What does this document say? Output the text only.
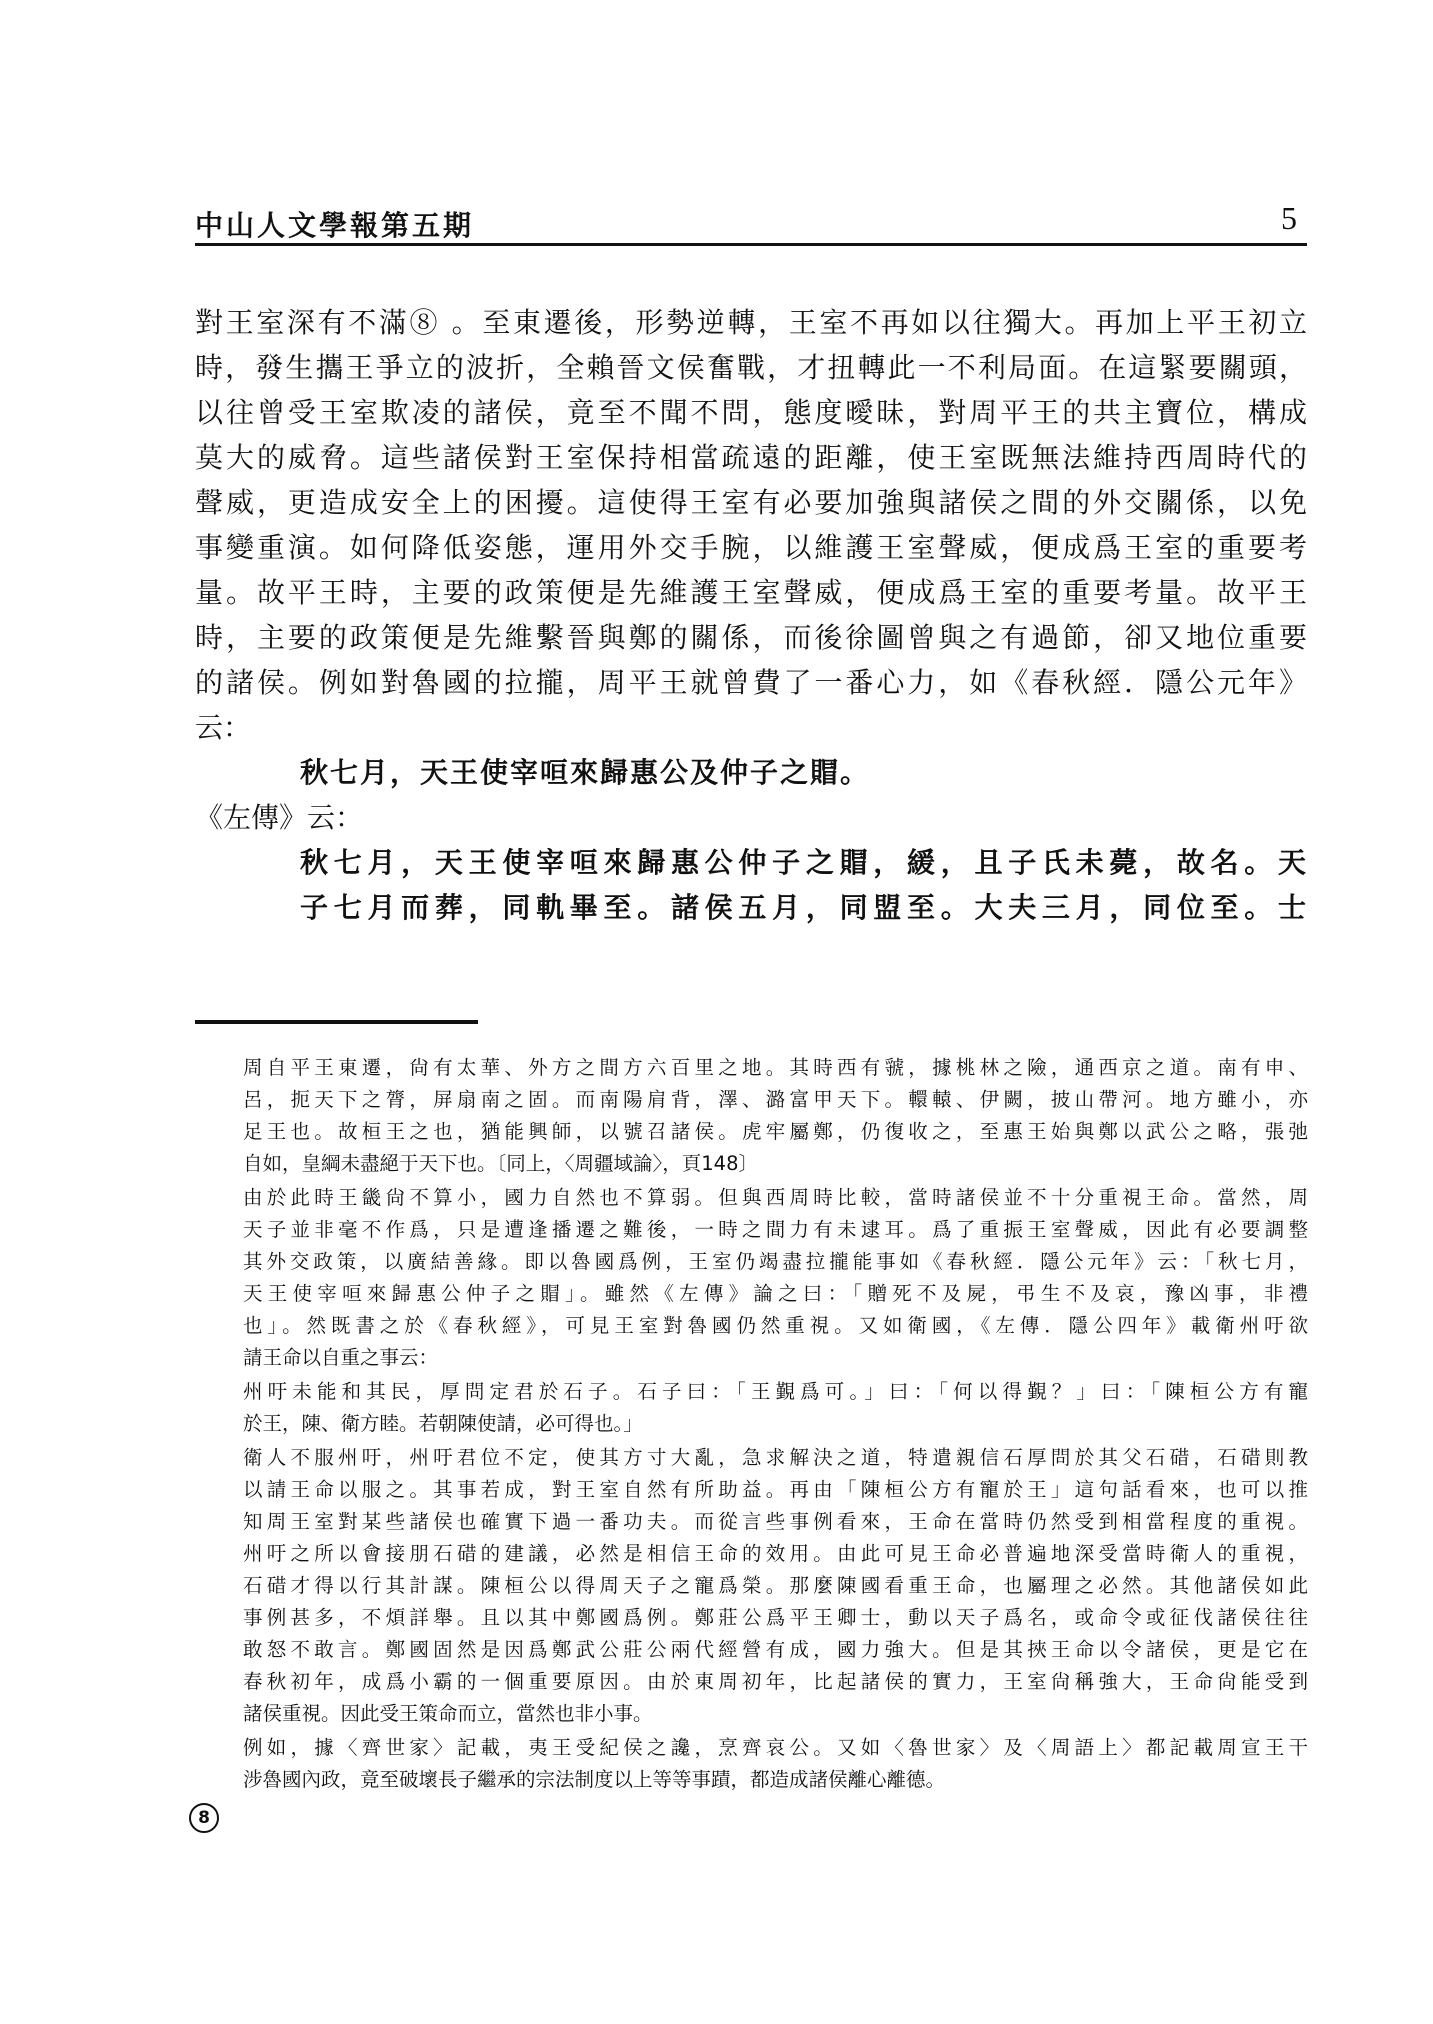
中山人文學報第五期	5
對王室深有不滿⑧ 。至東遷後，形勢逆轉，王室不再如以往獨大。再加上平王初立
時，發生攜王爭立的波折，全賴晉文侯奮戰，才扭轉此一不利局面。在這緊要關頭，
以往曾受王室欺凌的諸侯，竟至不聞不問，態度曖昧，對周平王的共主寶位，構成
莫大的威脅。這些諸侯對王室保持相當疏遠的距離，使王室既無法維持西周時代的
聲威，更造成安全上的困擾。這使得王室有必要加強與諸侯之間的外交關係，以免
事變重演。如何降低姿態，運用外交手腕，以維護王室聲威，便成爲王室的重要考
量。故平王時，主要的政策便是先維護王室聲威，便成爲王室的重要考量。故平王
時，主要的政策便是先維繫晉與鄭的關係，而後徐圖曾與之有過節，卻又地位重要
的諸侯。例如對魯國的拉攏，周平王就曾費了一番心力，如《春秋經．隱公元年》
云：
秋七月，天王使宰咺來歸惠公及仲子之賵。
《左傳》云：
秋七月，天王使宰咺來歸惠公仲子之賵，緩，且子氏未薨，故名。天
子七月而葬，同軌畢至。諸侯五月，同盟至。大夫三月，同位至。士
周自平王東遷，尙有太華、外方之間方六百里之地。其時西有虢，據桃林之險，通西京之道。南有申、
呂，扼天下之膂，屏扇南之固。而南陽肩背，澤、潞富甲天下。轘轅、伊闕，披山帶河。地方雖小，亦
足王也。故桓王之也，猶能興師，以號召諸侯。虎牢屬鄭，仍復收之，至惠王始與鄭以武公之略，張弛
自如，皇綱未盡絕于天下也。〔同上，〈周疆域論〉，頁148〕
由於此時王畿尙不算小，國力自然也不算弱。但與西周時比較，當時諸侯並不十分重視王命。當然，周
天子並非毫不作爲，只是遭逢播遷之難後，一時之間力有未逮耳。爲了重振王室聲威，因此有必要調整
其外交政策，以廣結善緣。即以魯國爲例，王室仍竭盡拉攏能事如《春秋經．隱公元年》云：「秋七月，
天王使宰咺來歸惠公仲子之賵」。雖然《左傳》論之曰：「贈死不及屍，弔生不及哀，豫凶事，非禮
也」。然既書之於《春秋經》，可見王室對魯國仍然重視。又如衛國，《左傳．隱公四年》載衛州吁欲
請王命以自重之事云：
州吁未能和其民，厚問定君於石子。石子曰：「王覲爲可。」曰：「何以得覲？」曰：「陳桓公方有寵
於王，陳、衛方睦。若朝陳使請，必可得也。」
衛人不服州吁，州吁君位不定，使其方寸大亂，急求解決之道，特遣親信石厚問於其父石碏，石碏則教
以請王命以服之。其事若成，對王室自然有所助益。再由「陳桓公方有寵於王」這句話看來，也可以推
知周王室對某些諸侯也確實下過一番功夫。而從言些事例看來，王命在當時仍然受到相當程度的重視。
州吁之所以會接朋石碏的建議，必然是相信王命的效用。由此可見王命必普遍地深受當時衛人的重視，
石碏才得以行其計謀。陳桓公以得周天子之寵爲榮。那麼陳國看重王命，也屬理之必然。其他諸侯如此
事例甚多，不煩詳舉。且以其中鄭國爲例。鄭莊公爲平王卿士，動以天子爲名，或命令或征伐諸侯往往
敢怒不敢言。鄭國固然是因爲鄭武公莊公兩代經營有成，國力強大。但是其挾王命以令諸侯，更是它在
春秋初年，成爲小霸的一個重要原因。由於東周初年，比起諸侯的實力，王室尙稱強大，王命尙能受到
諸侯重視。因此受王策命而立，當然也非小事。
例如，據〈齊世家〉記載，夷王受紀侯之讒，烹齊哀公。又如〈魯世家〉及〈周語上〉都記載周宣王干
涉魯國內政，竟至破壞長子繼承的宗法制度以上等等事蹟，都造成諸侯離心離德。
8
